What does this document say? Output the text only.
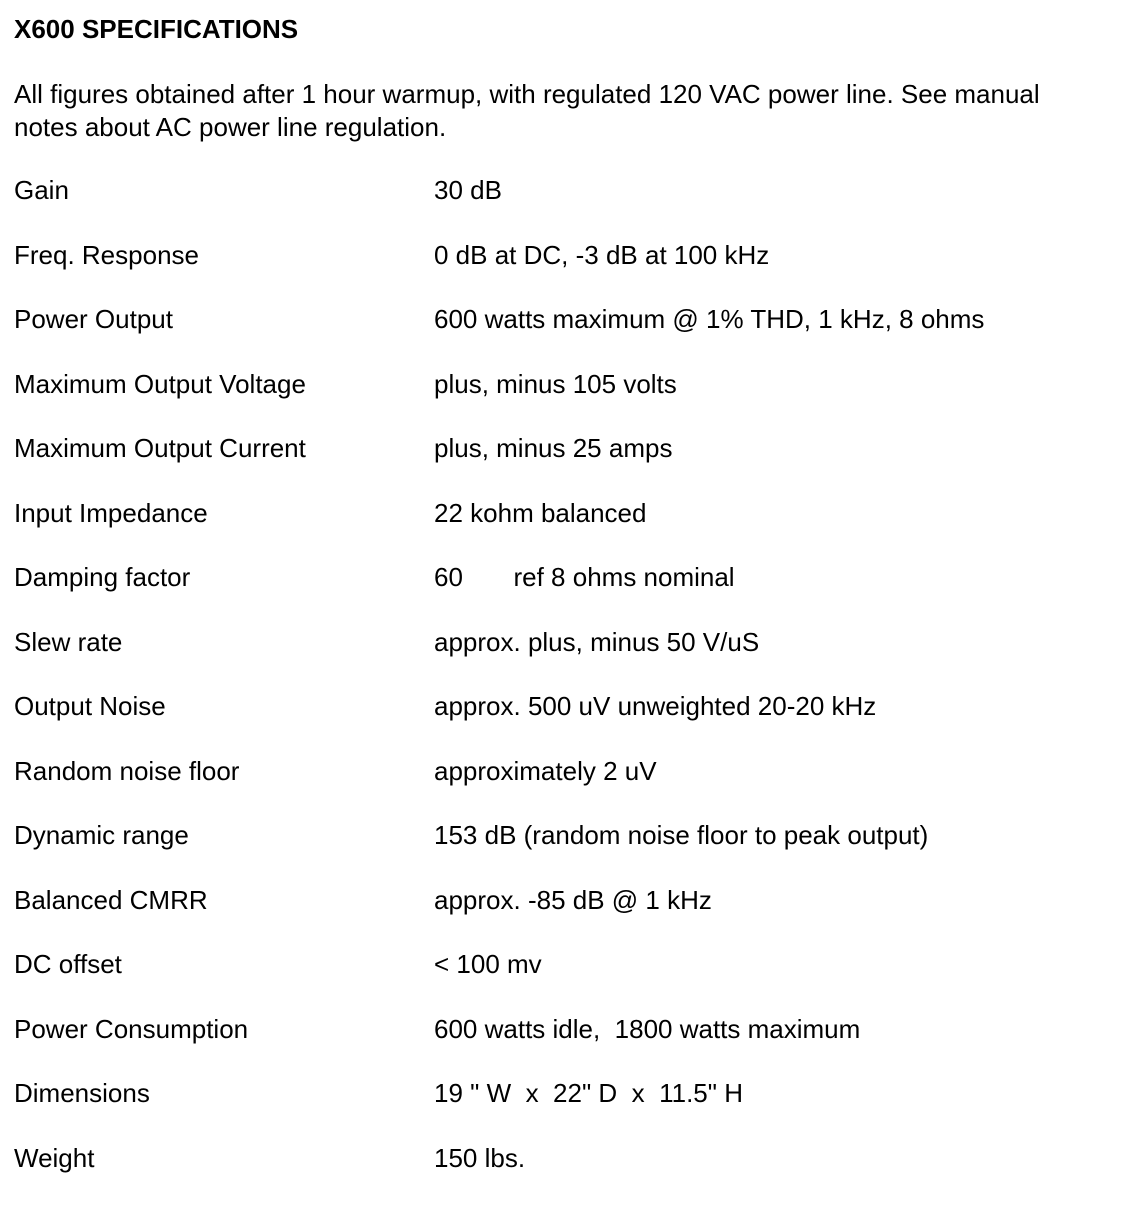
X600 SPECIFICATIONS
All figures obtained after 1 hour warmup, with regulated 120 VAC power line. See manual
notes about AC power line regulation.
Gain	30 dB
Freq. Response	0 dB at DC, -3 dB at 100 kHz
Power Output	600 watts maximum @ 1% THD, 1 kHz, 8 ohms
Maximum Output Voltage	plus, minus 105 volts
Maximum Output Current	plus, minus 25 amps
Input Impedance	22 kohm balanced
Damping factor	60       ref 8 ohms nominal
Slew rate	approx. plus, minus 50 V/uS
Output Noise	approx. 500 uV unweighted 20-20 kHz
Random noise floor	approximately 2 uV
Dynamic range	153 dB (random noise floor to peak output)
Balanced CMRR	approx. -85 dB @ 1 kHz
DC offset	< 100 mv
Power Consumption	600 watts idle,  1800 watts maximum
Dimensions	19 " W  x  22" D  x  11.5" H
Weight	150 lbs.
